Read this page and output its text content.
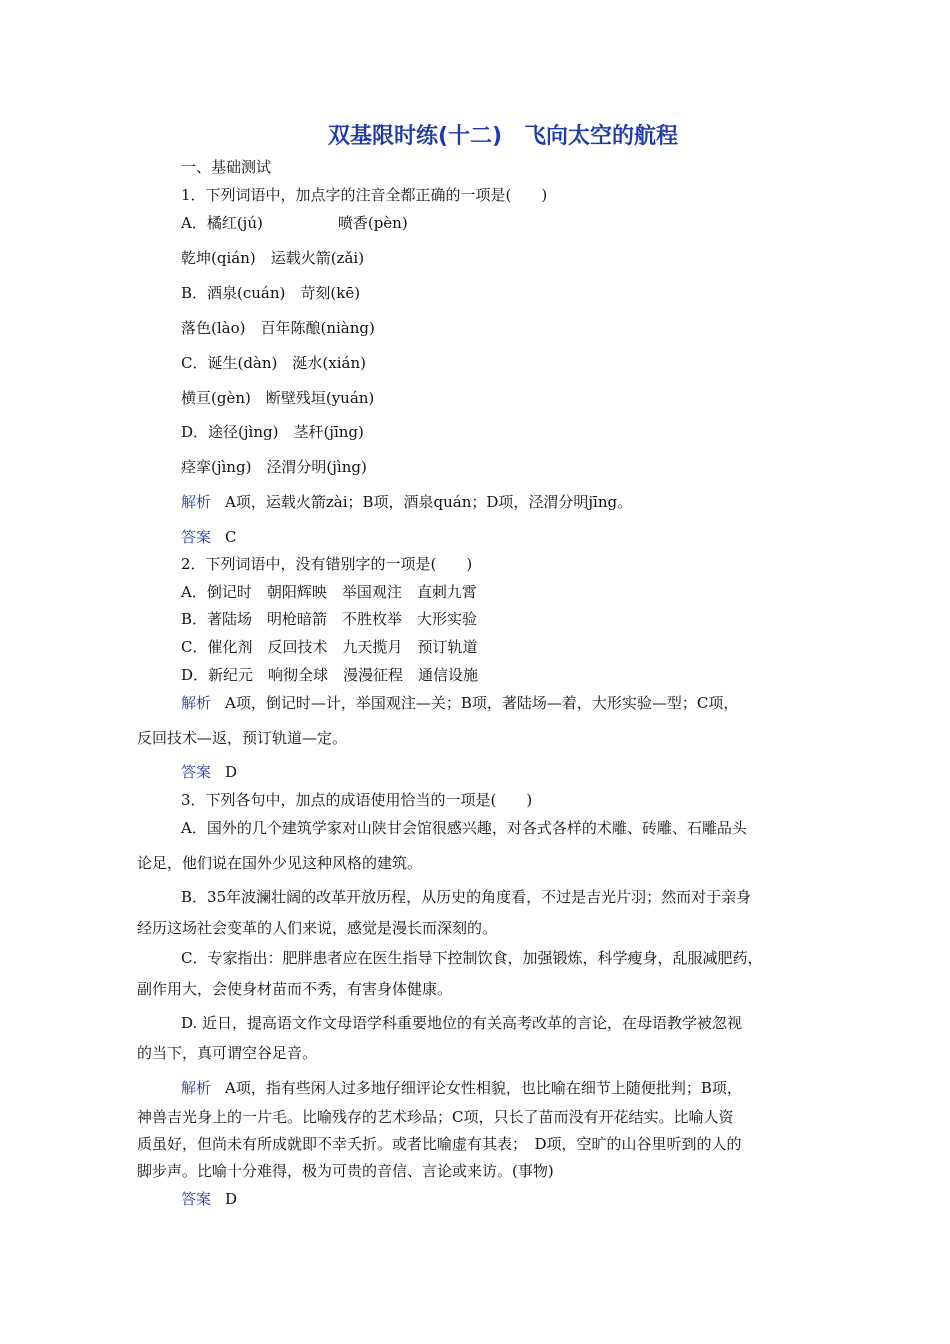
双基限时练(十二)　飞向太空的航程
一、基础测试
1．下列词语中，加点字的注音全都正确的一项是(　　)
A．橘红(jú)　　　　　喷香(pèn)
乾坤(qián)　运载火箭(zǎi)
B．酒泉(cuán)　苛刻(kē)
落色(lào)　百年陈酿(niàng)
C．诞生(dàn)　涎水(xián)
横亘(gèn)　断壁残垣(yuán)
D．途径(jìng)　茎秆(jīng)
痉挛(jìng)　泾渭分明(jìng)
解析 A项，运载火箭zài；B项，酒泉quán；D项，泾渭分明jīng。
答案 C
2．下列词语中，没有错别字的一项是(　　)
A．倒记时　朝阳辉映　举国观注　直刺九霄
B．著陆场　明枪暗箭　不胜枚举　大形实验
C．催化剂　反回技术　九天揽月　预订轨道
D．新纪元　响彻全球　漫漫征程　通信设施
解析 A项，倒记时—计，举国观注—关；B项，著陆场—着，大形实验—型；C项，
反回技术—返，预订轨道—定。
答案 D
3．下列各句中，加点的成语使用恰当的一项是(　　)
A．国外的几个建筑学家对山陕甘会馆很感兴趣，对各式各样的术雕、砖雕、石雕品头
论足，他们说在国外少见这种风格的建筑。
B．35年波澜壮阔的改革开放历程，从历史的角度看，不过是吉光片羽；然而对于亲身
经历这场社会变革的人们来说，感觉是漫长而深刻的。
C．专家指出：肥胖患者应在医生指导下控制饮食，加强锻炼，科学瘦身，乱服减肥药，
副作用大，会使身材苗而不秀，有害身体健康。
D. 近日，提高语文作文母语学科重要地位的有关高考改革的言论，在母语教学被忽视
的当下，真可谓空谷足音。
解析 A项，指有些闲人过多地仔细评论女性相貌，也比喻在细节上随便批判；B项，
神兽吉光身上的一片毛。比喻残存的艺术珍品；C项，只长了苗而没有开花结实。比喻人资
质虽好，但尚未有所成就即不幸夭折。或者比喻虚有其表；　D项，空旷的山谷里听到的人的
脚步声。比喻十分难得，极为可贵的音信、言论或来访。(事物)
答案 D
